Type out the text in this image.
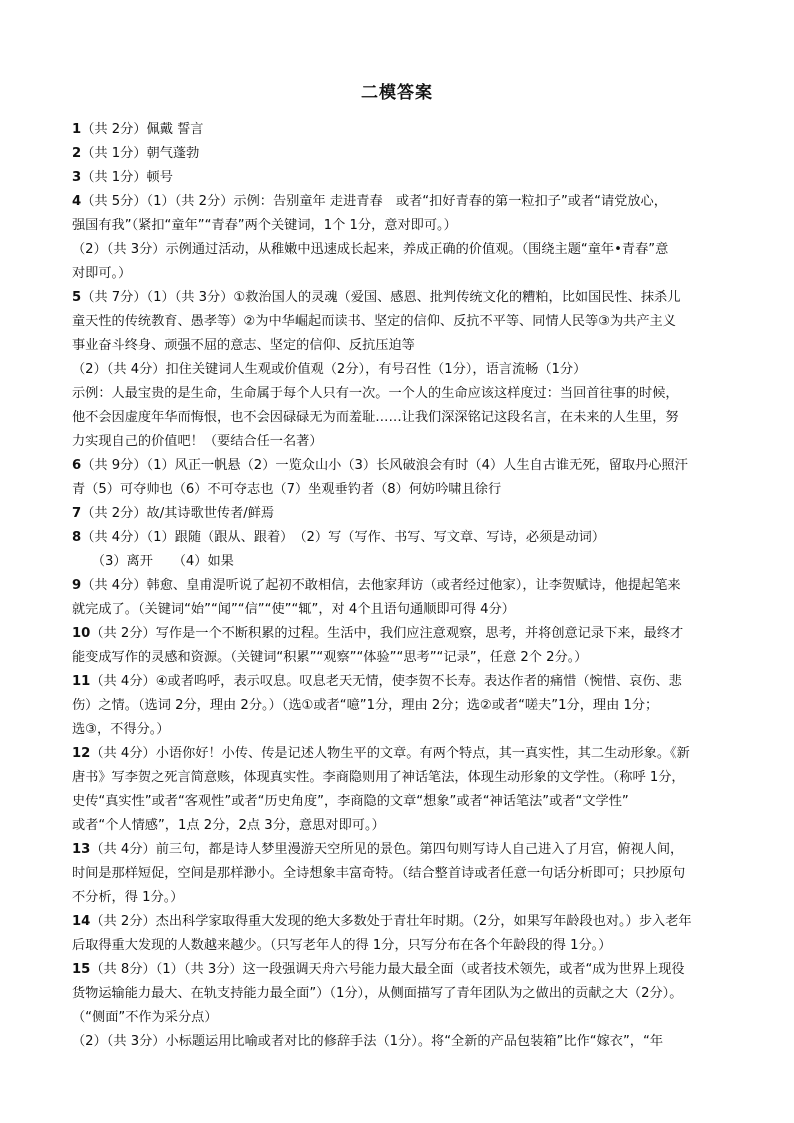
二模答案
1（共 2分）佩戴 誓言
2（共 1分）朝气蓬勃
3（共 1分）顿号
4（共 5分）（1）（共 2分）示例：告别童年 走进青春　或者“扣好青春的第一粒扣子”或者“请党放心，
强国有我”（紧扣“童年”“青春”两个关键词，1个 1分，意对即可。）
（2）（共 3分）示例通过活动，从稚嫩中迅速成长起来，养成正确的价值观。（围绕主题“童年•青春”意
对即可。）
5（共 7分）（1）（共 3分）①救治国人的灵魂（爱国、感恩、批判传统文化的糟粕，比如国民性、抹杀儿
童天性的传统教育、愚孝等）②为中华崛起而读书、坚定的信仰、反抗不平等、同情人民等③为共产主义
事业奋斗终身、顽强不屈的意志、坚定的信仰、反抗压迫等
（2）（共 4分）扣住关键词人生观或价值观（2分），有号召性（1分），语言流畅（1分）
示例：人最宝贵的是生命，生命属于每个人只有一次。一个人的生命应该这样度过：当回首往事的时候，
他不会因虚度年华而悔恨，也不会因碌碌无为而羞耻……让我们深深铭记这段名言，在未来的人生里，努
力实现自己的价值吧！（要结合任一名著）
6（共 9分）（1）风正一帆悬（2）一览众山小（3）长风破浪会有时（4）人生自古谁无死，留取丹心照汗
青（5）可夺帅也（6）不可夺志也（7）坐观垂钓者（8）何妨吟啸且徐行
7（共 2分）故/其诗歌世传者/鲜焉
8（共 4分）（1）跟随（跟从、跟着）　（2）写（写作、书写、写文章、写诗，必须是动词）
　　（3）离开　　（4）如果
9（共 4分）韩愈、皇甫湜听说了起初不敢相信，去他家拜访（或者经过他家），让李贺赋诗，他提起笔来
就完成了。（关键词“始”“闻”“信”“使”“辄”，对 4个且语句通顺即可得 4分）
10（共 2分）写作是一个不断积累的过程。生活中，我们应注意观察，思考，并将创意记录下来，最终才
能变成写作的灵感和资源。（关键词“积累”“观察”“体验”“思考”“记录”，任意 2个 2分。）
11（共 4分）④或者呜呼，表示叹息。叹息老天无情，使李贺不长寿。表达作者的痛惜（惋惜、哀伤、悲
伤）之情。（选词 2分，理由 2分。）（选①或者“噫”1分，理由 2分；选②或者“嗟夫”1分，理由 1分；
选③，不得分。）
12（共 4分）小语你好！小传、传是记述人物生平的文章。有两个特点，其一真实性，其二生动形象。《新
唐书》写李贺之死言简意赅，体现真实性。李商隐则用了神话笔法，体现生动形象的文学性。（称呼 1分，
史传“真实性”或者“客观性”或者“历史角度”，李商隐的文章“想象”或者“神话笔法”或者“文学性”
或者“个人情感”，1点 2分，2点 3分，意思对即可。）
13（共 4分）前三句，都是诗人梦里漫游天空所见的景色。第四句则写诗人自己进入了月宫，俯视人间，
时间是那样短促，空间是那样渺小。全诗想象丰富奇特。（结合整首诗或者任意一句话分析即可；只抄原句
不分析，得 1分。）
14（共 2分）杰出科学家取得重大发现的绝大多数处于青壮年时期。（2分，如果写年龄段也对。）步入老年
后取得重大发现的人数越来越少。（只写老年人的得 1分，只写分布在各个年龄段的得 1分。）
15（共 8分）（1）（共 3分）这一段强调天舟六号能力最大最全面（或者技术领先，或者“成为世界上现役
货物运输能力最大、在轨支持能力最全面”）（1分），从侧面描写了青年团队为之做出的贡献之大（2分）。
（“侧面”不作为采分点）
（2）（共 3分）小标题运用比喻或者对比的修辞手法（1分）。将“全新的产品包装箱”比作“嫁衣”，“年
